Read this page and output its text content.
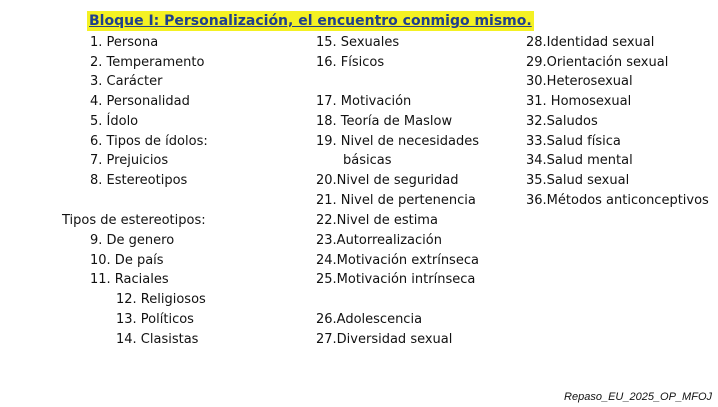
Bloque I: Personalización, el encuentro conmigo mismo.
1. Persona
2. Temperamento
3. Carácter
4. Personalidad
5. Ídolo
6. Tipos de ídolos:
7. Prejuicios
8. Estereotipos
Tipos de estereotipos:
9. De genero
10. De país
11. Raciales
12. Religiosos
13. Políticos
14. Clasistas
15. Sexuales
16. Físicos
17. Motivación
18. Teoría de Maslow
19. Nivel de necesidades
básicas
20.Nivel de seguridad
21. Nivel de pertenencia
22.Nivel de estima
23.Autorrealización
24.Motivación extrínseca
25.Motivación intrínseca
26.Adolescencia
27.Diversidad sexual
28.Identidad sexual
29.Orientación sexual
30.Heterosexual
31. Homosexual
32.Saludos
33.Salud física
34.Salud mental
35.Salud sexual
36.Métodos anticonceptivos
Repaso_EU_2025_OP_MFOJ
